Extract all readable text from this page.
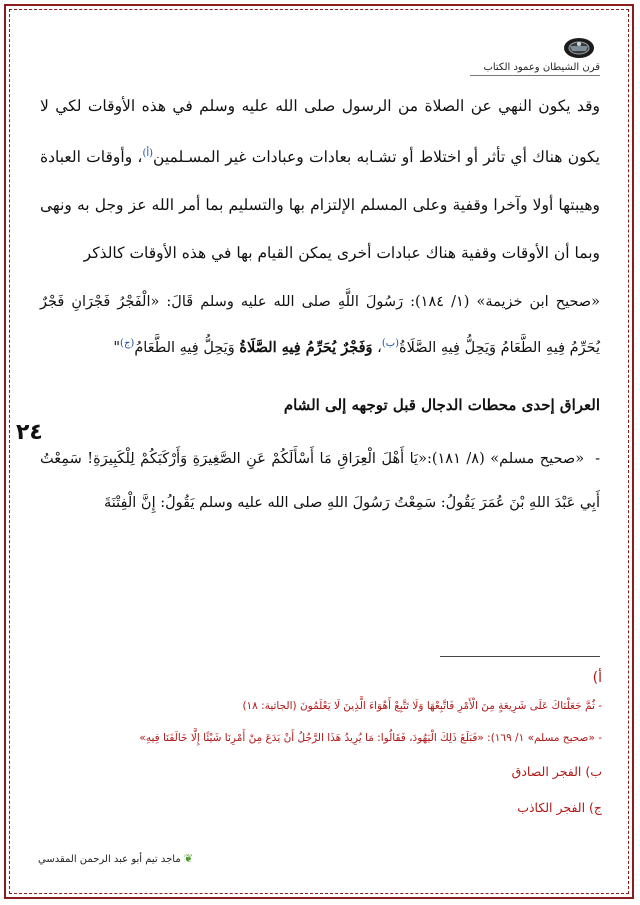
قرن الشيطان وعمود الكتاب
٢٤

وقد يكون النهي عن الصلاة من الرسول صلى الله عليه وسلم في هذه الأوقات لكي لا يكون هناك أي تأثر أو اختلاط أو تشـابه بعادات وعبادات غير المسـلمين$^{(أ)}$، وأوقات العبادة وهيبتها أولا وآخرا وقفية وعلى المسلم الإلتزام بها والتسليم بما أمر الله عز وجل به ونهى وبما أن الأوقات وقفية هناك عبادات أخرى يمكن القيام بها في هذه الأوقات كالذكر

«صحيح ابن خزيمة» (١/ ١٨٤): رَسُولَ اللَّهِ صلى الله عليه وسلم قَالَ: «الْفَجْرُ فَجْرَانِ فَجْرٌ يُحَرِّمُ فِيهِ الطَّعَامُ وَيَحِلُّ فِيهِ الصَّلَاةُ$^{(ب)}$، وَفَجْرٌ يُحَرِّمُ فِيهِ الصَّلَاةُ وَيَحِلُّ فِيهِ الطَّعَامُ$^{(ج)}$"

العراق إحدى محطات الدجال قبل توجهه إلى الشام

-  «صحيح مسلم» (٨/ ١٨١):«يَا أَهْلَ الْعِرَاقِ مَا أَسْأَلَكُمْ عَنِ الصَّغِيرَةِ وَأَرْكَبَكُمْ لِلْكَبِيرَةِ! سَمِعْتُ أَبِي عَبْدَ اللهِ بْنَ عُمَرَ يَقُولُ: سَمِعْتُ رَسُولَ اللهِ صلى الله عليه وسلم يَقُولُ: إِنَّ الْفِتْنَةَ

أ)
- ثُمَّ جَعَلْنَاكَ عَلَى شَرِيعَةٍ مِنَ الْأَمْرِ فَاتَّبِعْهَا وَلَا تَتَّبِعْ أَهْوَاءَ الَّذِينَ لَا يَعْلَمُونَ (الجاثية: ١٨)
- «صحيح مسلم» ١/ ١٦٩): «فَبَلَغَ ذَلِكَ الْيَهُودَ، فَقَالُوا: مَا يُرِيدُ هَذَا الرَّجُلُ أَنْ يَدَعَ مِنْ أَمْرِنَا شَيْئًا إِلَّا خَالَفَنَا فِيهِ»
ب) الفجر الصادق
ج) الفجر الكاذب
❦ ماجد تيم أبو عبد الرحمن المقدسي
